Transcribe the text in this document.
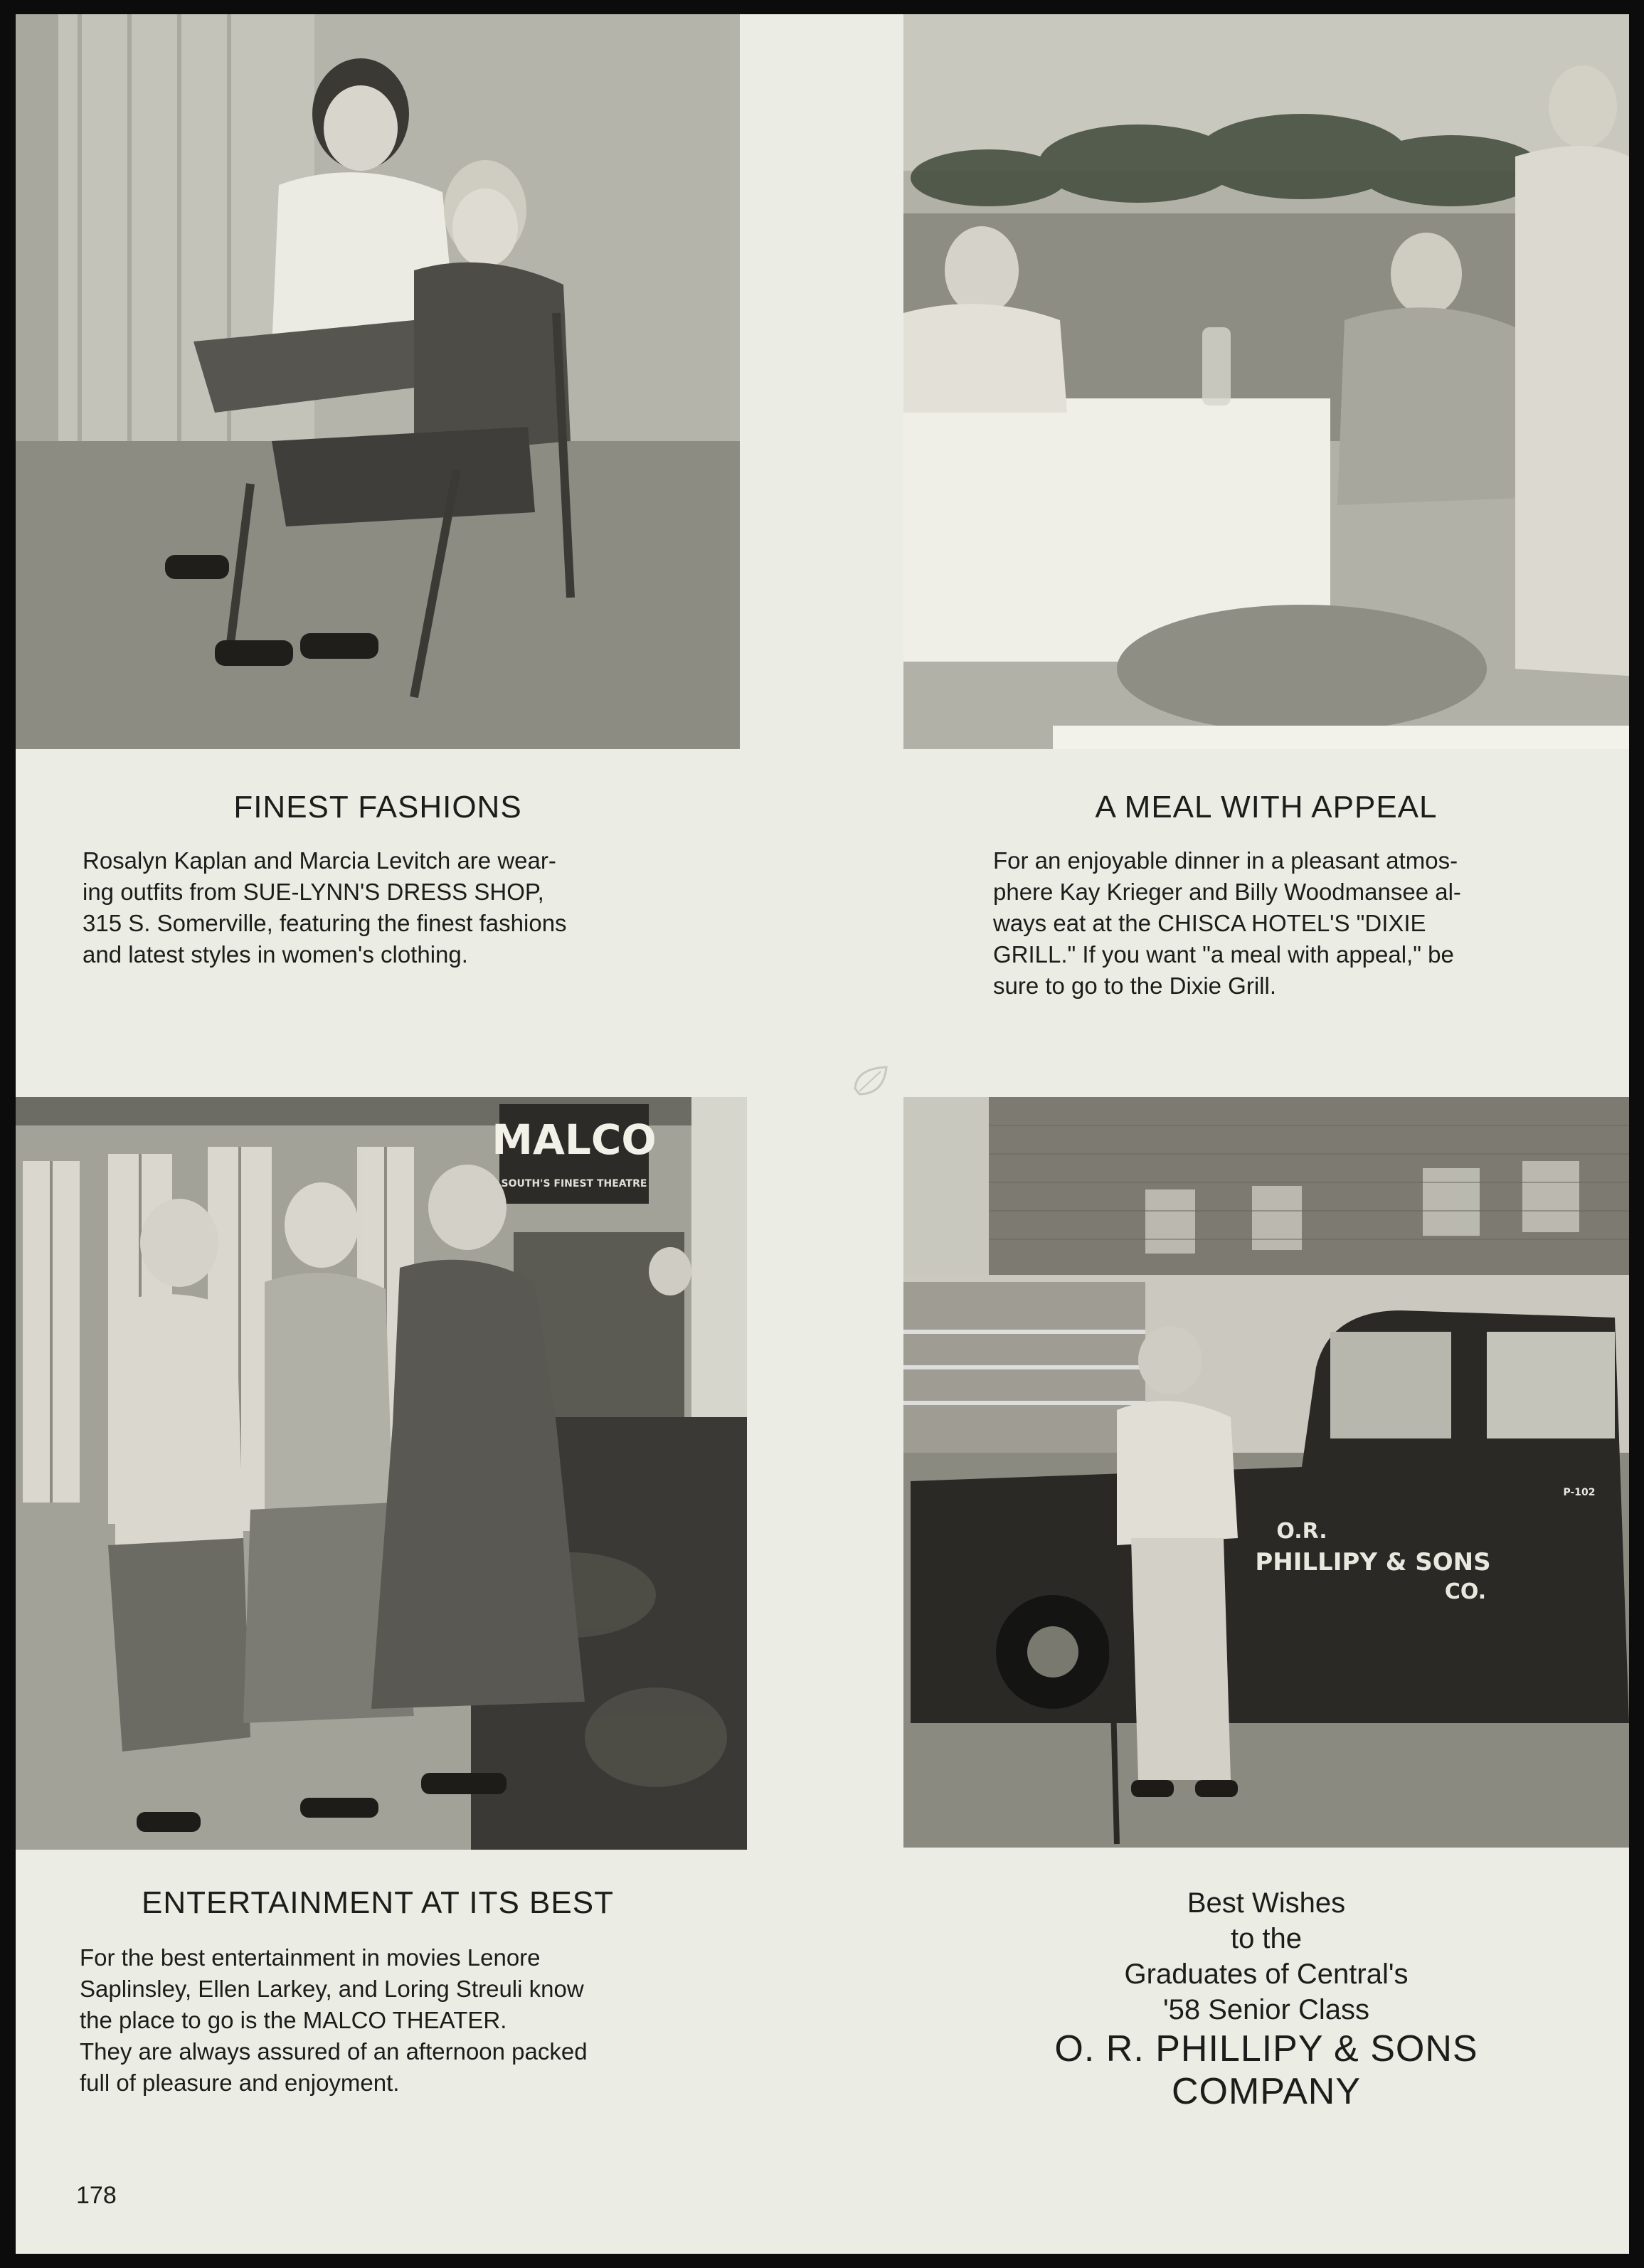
MALCO
SOUTH'S FINEST THEATRE
O.R.
PHILLIPY & SONS
CO.
P-102
FINEST FASHIONS

Rosalyn Kaplan and Marcia Levitch are wear-

ing outfits from SUE-LYNN'S DRESS SHOP,

315 S. Somerville, featuring the finest fashions

and latest styles in women's clothing.

A MEAL WITH APPEAL

For an enjoyable dinner in a pleasant atmos-

phere Kay Krieger and Billy Woodmansee al-

ways eat at the CHISCA HOTEL'S "DIXIE

GRILL." If you want "a meal with appeal," be

sure to go to the Dixie Grill.

ENTERTAINMENT AT ITS BEST

For the best entertainment in movies Lenore

Saplinsley, Ellen Larkey, and Loring Streuli know

the place to go is the MALCO THEATER.

They are always assured of an afternoon packed

full of pleasure and enjoyment.

Best Wishes
to the
Graduates of Central's
'58 Senior Class
O. R. PHILLIPY & SONS
COMPANY
178
